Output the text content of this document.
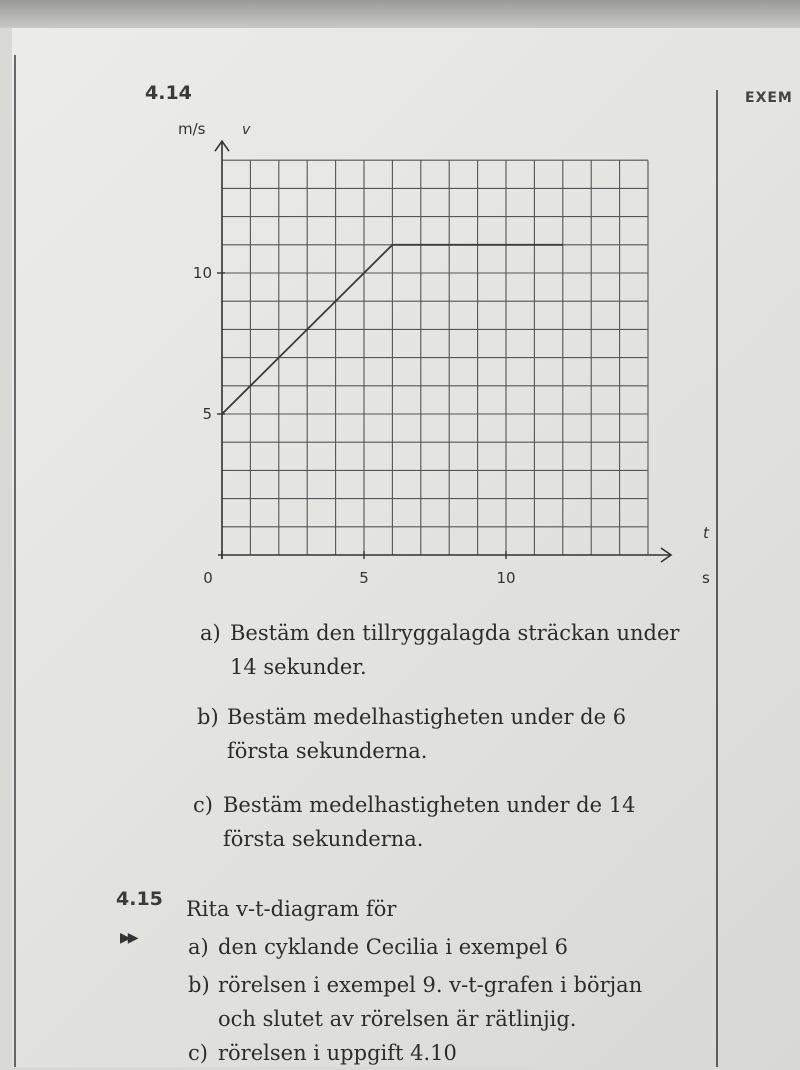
4.14	EXEM
0	5	10
5
10
m/s	v
t
s
a) Bestäm den tillryggalagda sträckan under
14 sekunder.
b) Bestäm medelhastigheten under de 6
första sekunderna.
c) Bestäm medelhastigheten under de 14
första sekunderna.
4.15 Rita v-t-diagram för
▶▶ a) den cyklande Cecilia i exempel 6
b) rörelsen i exempel 9. v-t-grafen i början
och slutet av rörelsen är rätlinjig.
c) rörelsen i uppgift 4.10
